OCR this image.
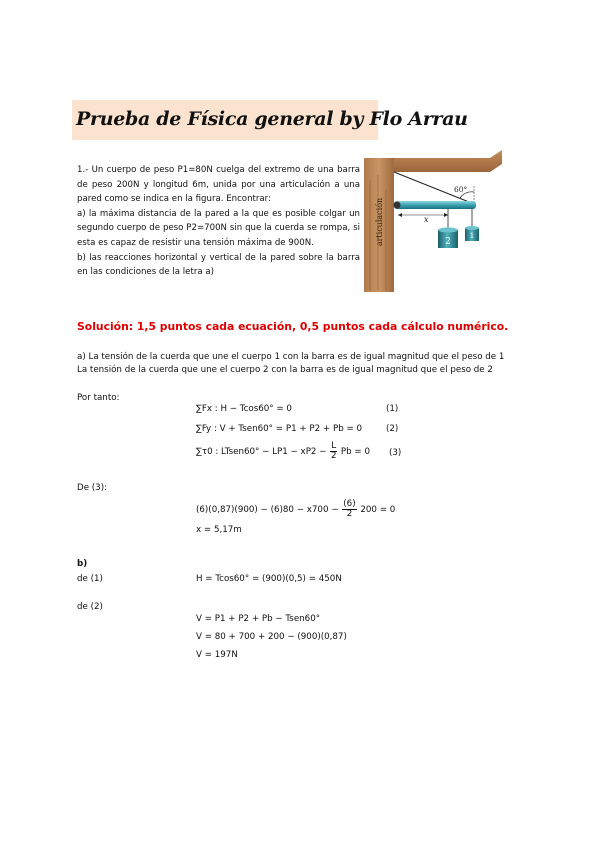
Prueba de Física general by Flo Arrau

1.- Un cuerpo de peso P1=80N cuelga del extremo de una barra de peso 200N y longitud 6m, unida por una articulación a una pared como se indica en la figura. Encontrar:

a) la máxima distancia de la pared a la que es posible colgar un segundo cuerpo de peso P2=700N sin que la cuerda se rompa, si esta es capaz de resistir una tensión máxima de 900N.

b) las reacciones horizontal y vertical de la pared sobre la barra en las condiciones de la letra a)

articulación
60°
x
2
1
Solución: 1,5 puntos cada ecuación, 0,5 puntos cada cálculo numérico.

a) La tensión de la cuerda que une el cuerpo 1 con la barra es de igual magnitud que el peso de 1

La tensión de la cuerda que une el cuerpo 2 con la barra es de igual magnitud que el peso de 2

Por tanto:
∑Fx : H − Tcos60° = 0	(1)
∑Fy : V + Tsen60° = P1 + P2 + Pb = 0	(2)
∑τ0 : LTsen60° − $LP1 - xP2 - \frac{L}{2}$ Pb = 0 (3)
De (3):
$(6)(0,87)(900) - (6)80 - x700 - \frac{(6)}{2} 200 = 0$
x = 5,17m
b)
de (1)	H = Tcos60° = (900)(0,5) = 450N
de (2)
V = P1 + P2 + Pb − Tsen60°
V = 80 + 700 + 200 − (900)(0,87)
V = 197N
